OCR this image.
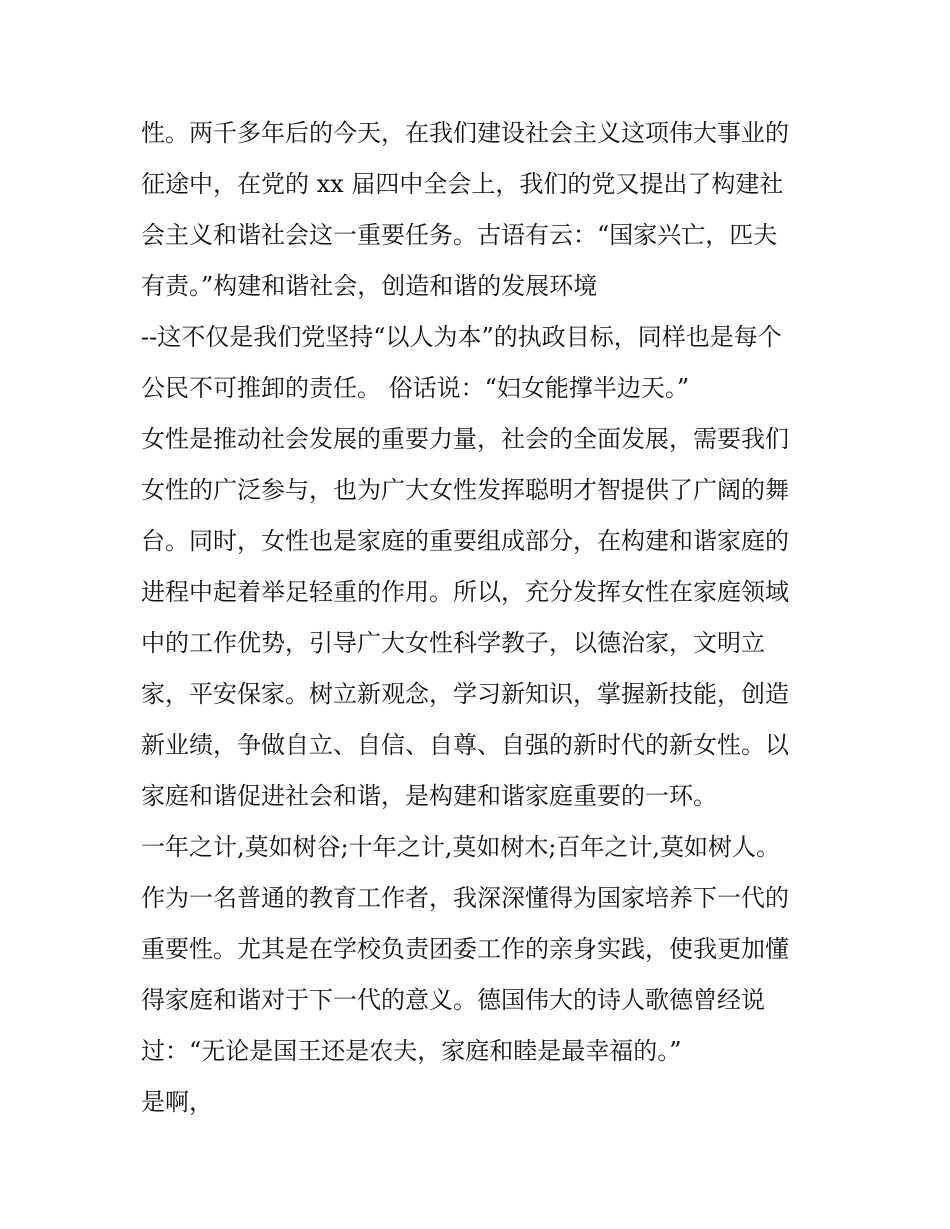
性。两千多年后的今天，在我们建设社会主义这项伟大事业的
征途中，在党的 xx 届四中全会上，我们的党又提出了构建社
会主义和谐社会这一重要任务。古语有云：“国家兴亡，匹夫
有责。”构建和谐社会，创造和谐的发展环境
--这不仅是我们党坚持“以人为本”的执政目标，同样也是每个
公民不可推卸的责任。 俗话说：“妇女能撑半边天。”
女性是推动社会发展的重要力量，社会的全面发展，需要我们
女性的广泛参与，也为广大女性发挥聪明才智提供了广阔的舞
台。同时，女性也是家庭的重要组成部分，在构建和谐家庭的
进程中起着举足轻重的作用。所以，充分发挥女性在家庭领域
中的工作优势，引导广大女性科学教子，以德治家，文明立
家，平安保家。树立新观念，学习新知识，掌握新技能，创造
新业绩，争做自立、自信、自尊、自强的新时代的新女性。以
家庭和谐促进社会和谐，是构建和谐家庭重要的一环。
一年之计,莫如树谷;十年之计,莫如树木;百年之计,莫如树人。
作为一名普通的教育工作者，我深深懂得为国家培养下一代的
重要性。尤其是在学校负责团委工作的亲身实践，使我更加懂
得家庭和谐对于下一代的意义。德国伟大的诗人歌德曾经说
过：“无论是国王还是农夫，家庭和睦是最幸福的。”
是啊，
